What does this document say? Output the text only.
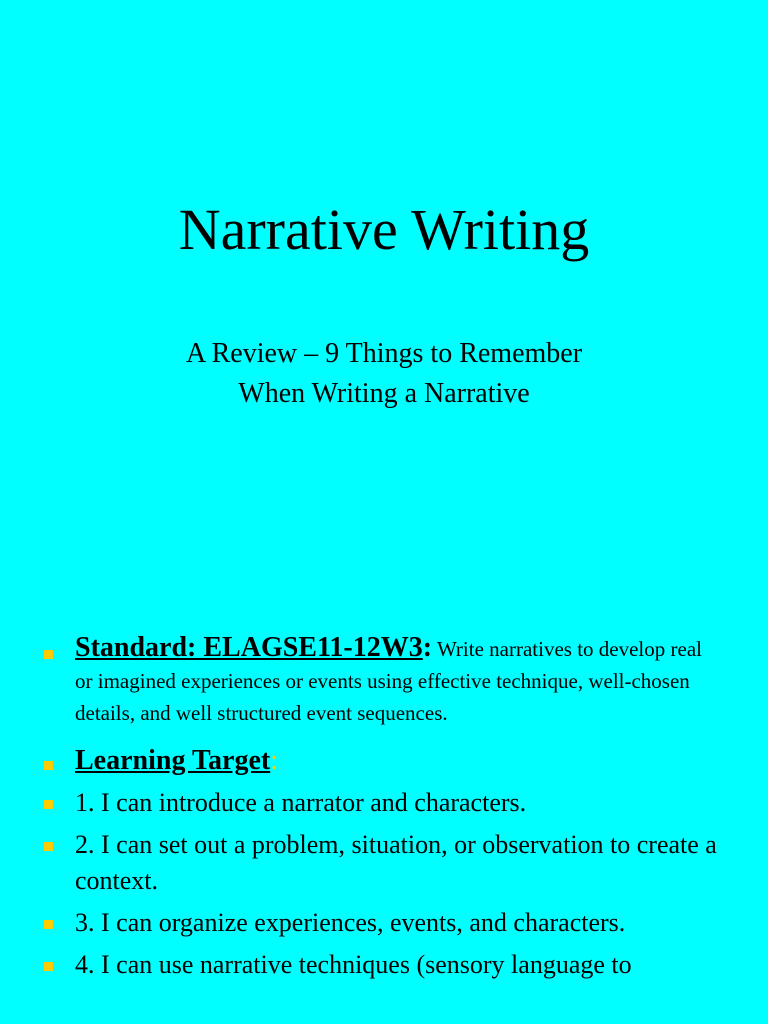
Narrative Writing
A Review – 9 Things to Remember
When Writing a Narrative
Standard: ELAGSE11-12W3: Write narratives to develop real or imagined experiences or events using effective technique, well-chosen details, and well structured event sequences.
Learning Target:
1. I can introduce a narrator and characters.
2. I can set out a problem, situation, or observation to create a context.
3. I can organize experiences, events, and characters.
4. I can use narrative techniques (sensory language to
